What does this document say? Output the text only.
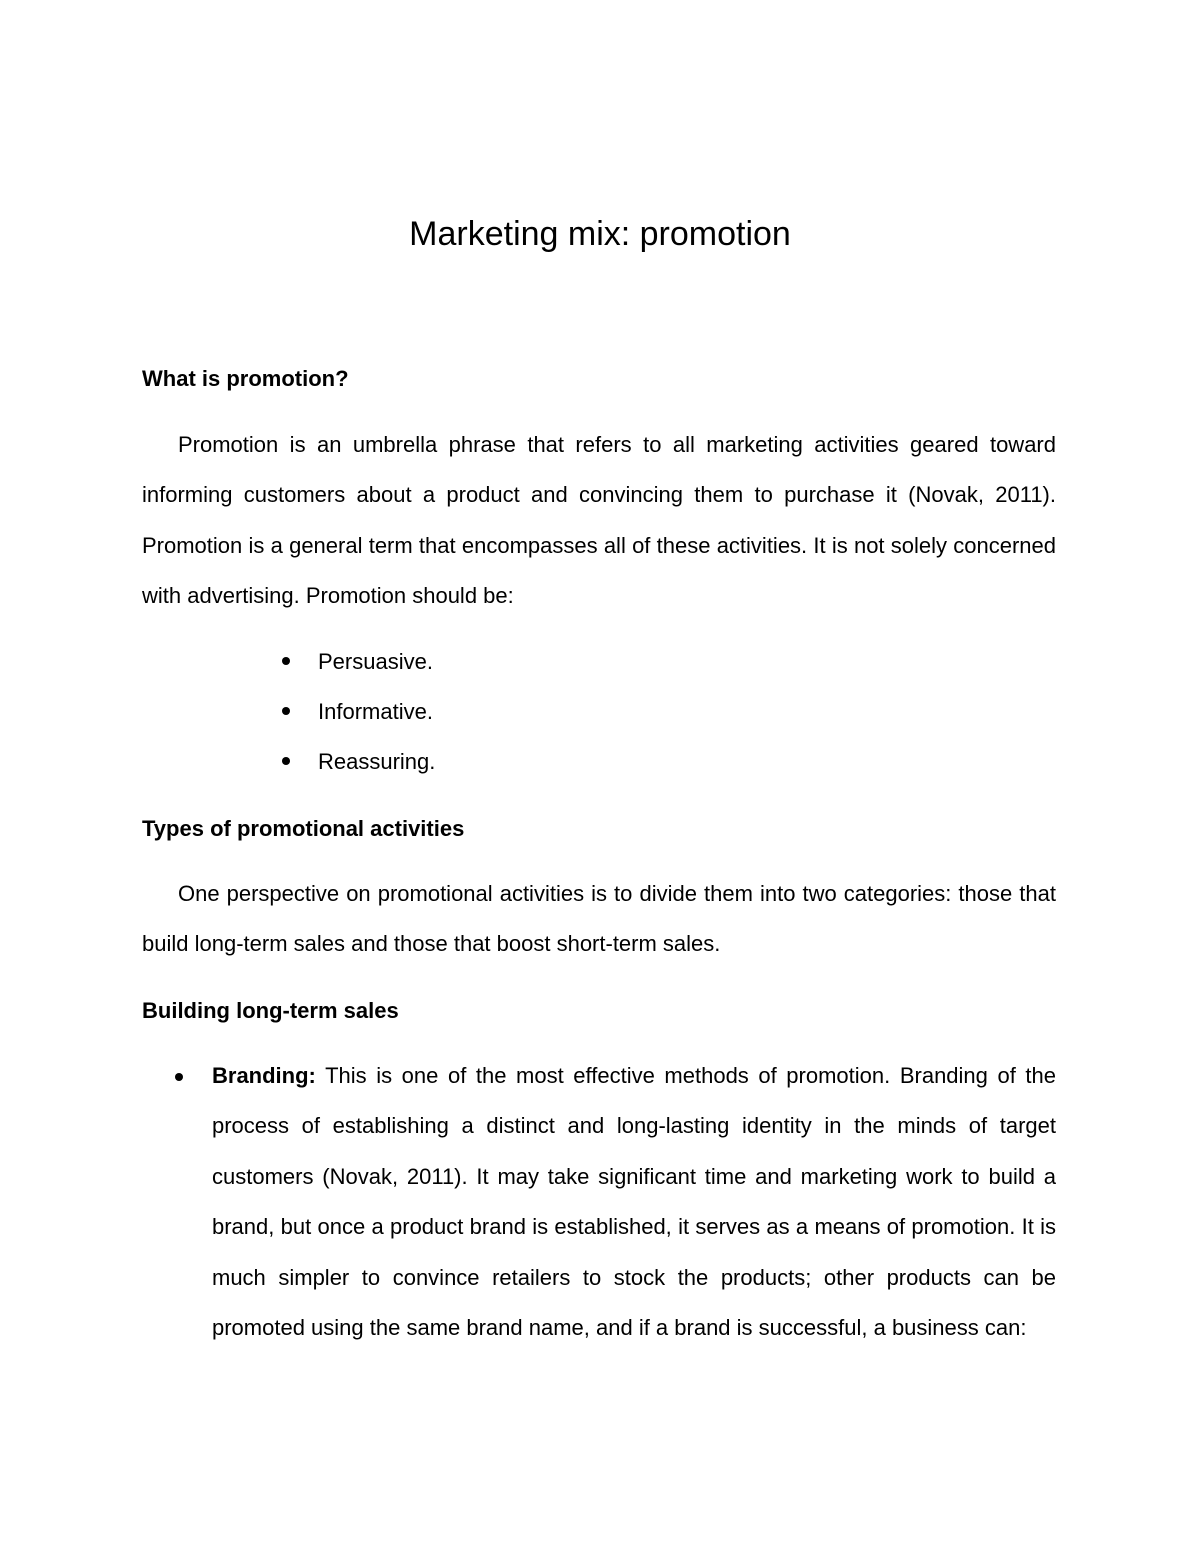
Marketing mix: promotion
What is promotion?

Promotion is an umbrella phrase that refers to all marketing activities geared toward informing customers about a product and convincing them to purchase it (Novak, 2011). Promotion is a general term that encompasses all of these activities. It is not solely concerned with advertising. Promotion should be:

Persuasive.
Informative.
Reassuring.
Types of promotional activities

One perspective on promotional activities is to divide them into two categories: those that build long-term sales and those that boost short-term sales.

Building long-term sales
Branding: This is one of the most effective methods of promotion. Branding of the process of establishing a distinct and long-lasting identity in the minds of target customers (Novak, 2011). It may take significant time and marketing work to build a brand, but once a product brand is established, it serves as a means of promotion. It is much simpler to convince retailers to stock the products; other products can be promoted using the same brand name, and if a brand is successful, a business can:
